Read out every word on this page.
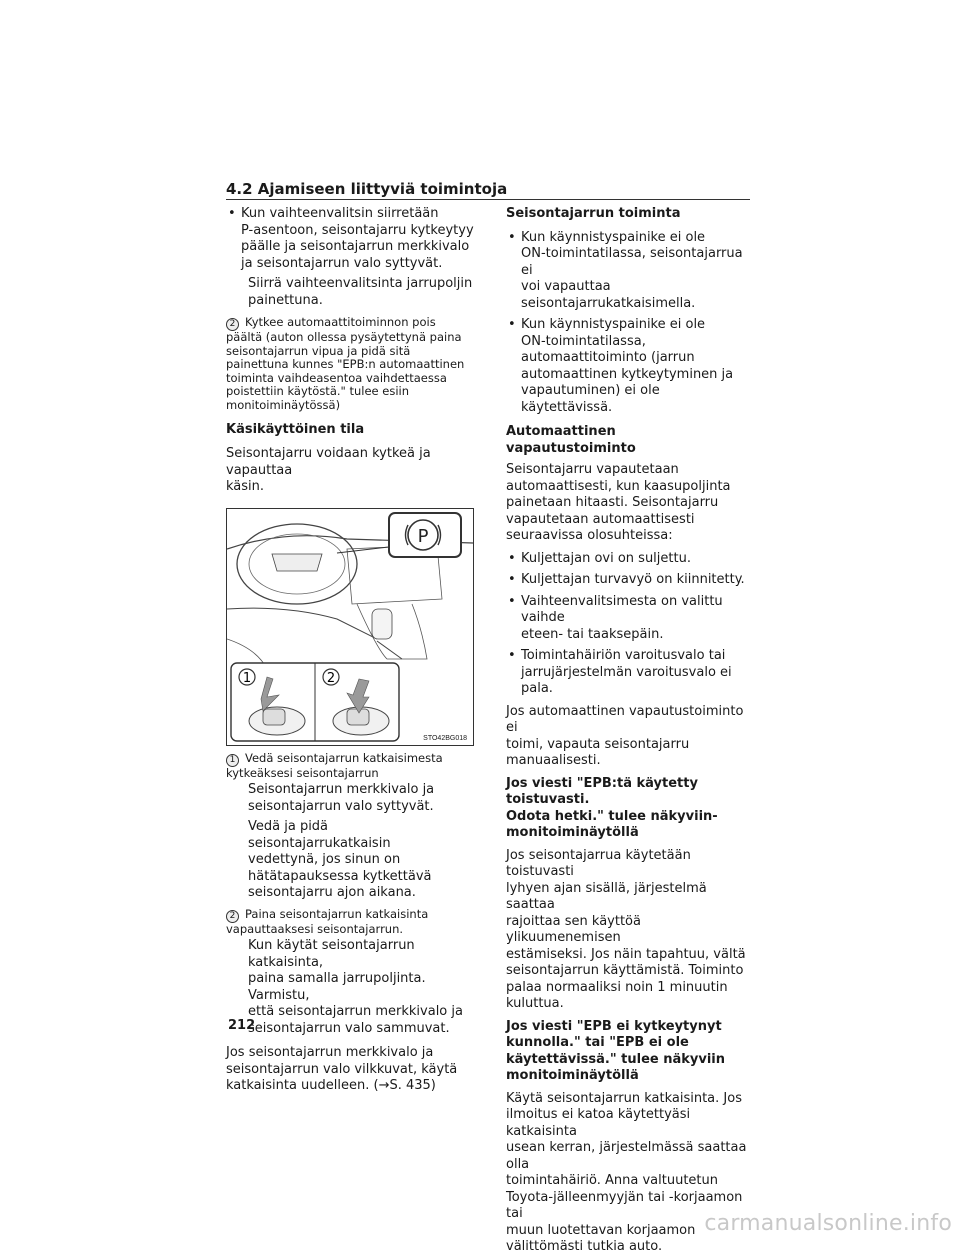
4.2 Ajamiseen liittyviä toimintoja
• Kun vaihteenvalitsin siirretään

P-asentoon, seisontajarru kytkeytyy

päälle ja seisontajarrun merkkivalo

ja seisontajarrun valo syttyvät.

Siirrä vaihteenvalitsinta jarrupoljin

painettuna.

2 Kytkee automaattitoiminnon pois

päältä (auton ollessa pysäytettynä paina

seisontajarrun vipua ja pidä sitä

painettuna kunnes "EPB:n automaattinen

toiminta vaihdeasentoa vaihdettaessa

poistettiin käytöstä." tulee esiin

monitoiminäytössä)

Käsikäyttöinen tila

Seisontajarru voidaan kytkeä ja vapauttaa

käsin.

P
1	2
STO42BG018

1 Vedä seisontajarrun katkaisimesta

kytkeäksesi seisontajarrun

Seisontajarrun merkkivalo ja

seisontajarrun valo syttyvät.

Vedä ja pidä seisontajarrukatkaisin

vedettynä, jos sinun on

hätätapauksessa kytkettävä

seisontajarru ajon aikana.

2 Paina seisontajarrun katkaisinta

vapauttaaksesi seisontajarrun.

Kun käytät seisontajarrun katkaisinta,

paina samalla jarrupoljinta. Varmistu,

että seisontajarrun merkkivalo ja

seisontajarrun valo sammuvat.

Jos seisontajarrun merkkivalo ja

seisontajarrun valo vilkkuvat, käytä

katkaisinta uudelleen. (→S. 435)

Seisontajarrun toiminta

• Kun käynnistyspainike ei ole

ON-toimintatilassa, seisontajarrua ei

voi vapauttaa

seisontajarrukatkaisimella.

• Kun käynnistyspainike ei ole

ON-toimintatilassa,

automaattitoiminto (jarrun

automaattinen kytkeytyminen ja

vapautuminen) ei ole käytettävissä.

Automaattinen vapautustoiminto

Seisontajarru vapautetaan

automaattisesti, kun kaasupoljinta

painetaan hitaasti. Seisontajarru

vapautetaan automaattisesti

seuraavissa olosuhteissa:

• Kuljettajan ovi on suljettu.

• Kuljettajan turvavyö on kiinnitetty.

• Vaihteenvalitsimesta on valittu vaihde

eteen- tai taaksepäin.

• Toimintahäiriön varoitusvalo tai

jarrujärjestelmän varoitusvalo ei pala.

Jos automaattinen vapautustoiminto ei

toimi, vapauta seisontajarru

manuaalisesti.

Jos viesti "EPB:tä käytetty toistuvasti.

Odota hetki." tulee näkyviin-

monitoiminäytöllä

Jos seisontajarrua käytetään toistuvasti

lyhyen ajan sisällä, järjestelmä saattaa

rajoittaa sen käyttöä ylikuumenemisen

estämiseksi. Jos näin tapahtuu, vältä

seisontajarrun käyttämistä. Toiminto

palaa normaaliksi noin 1 minuutin

kuluttua.

Jos viesti "EPB ei kytkeytynyt

kunnolla." tai "EPB ei ole

käytettävissä." tulee näkyviin

monitoiminäytöllä

Käytä seisontajarrun katkaisinta. Jos

ilmoitus ei katoa käytettyäsi katkaisinta

usean kerran, järjestelmässä saattaa olla

toimintahäiriö. Anna valtuutetun

Toyota-jälleenmyyjän tai -korjaamon tai

muun luotettavan korjaamon

välittömästi tutkia auto.

212
carmanualsonline.info
